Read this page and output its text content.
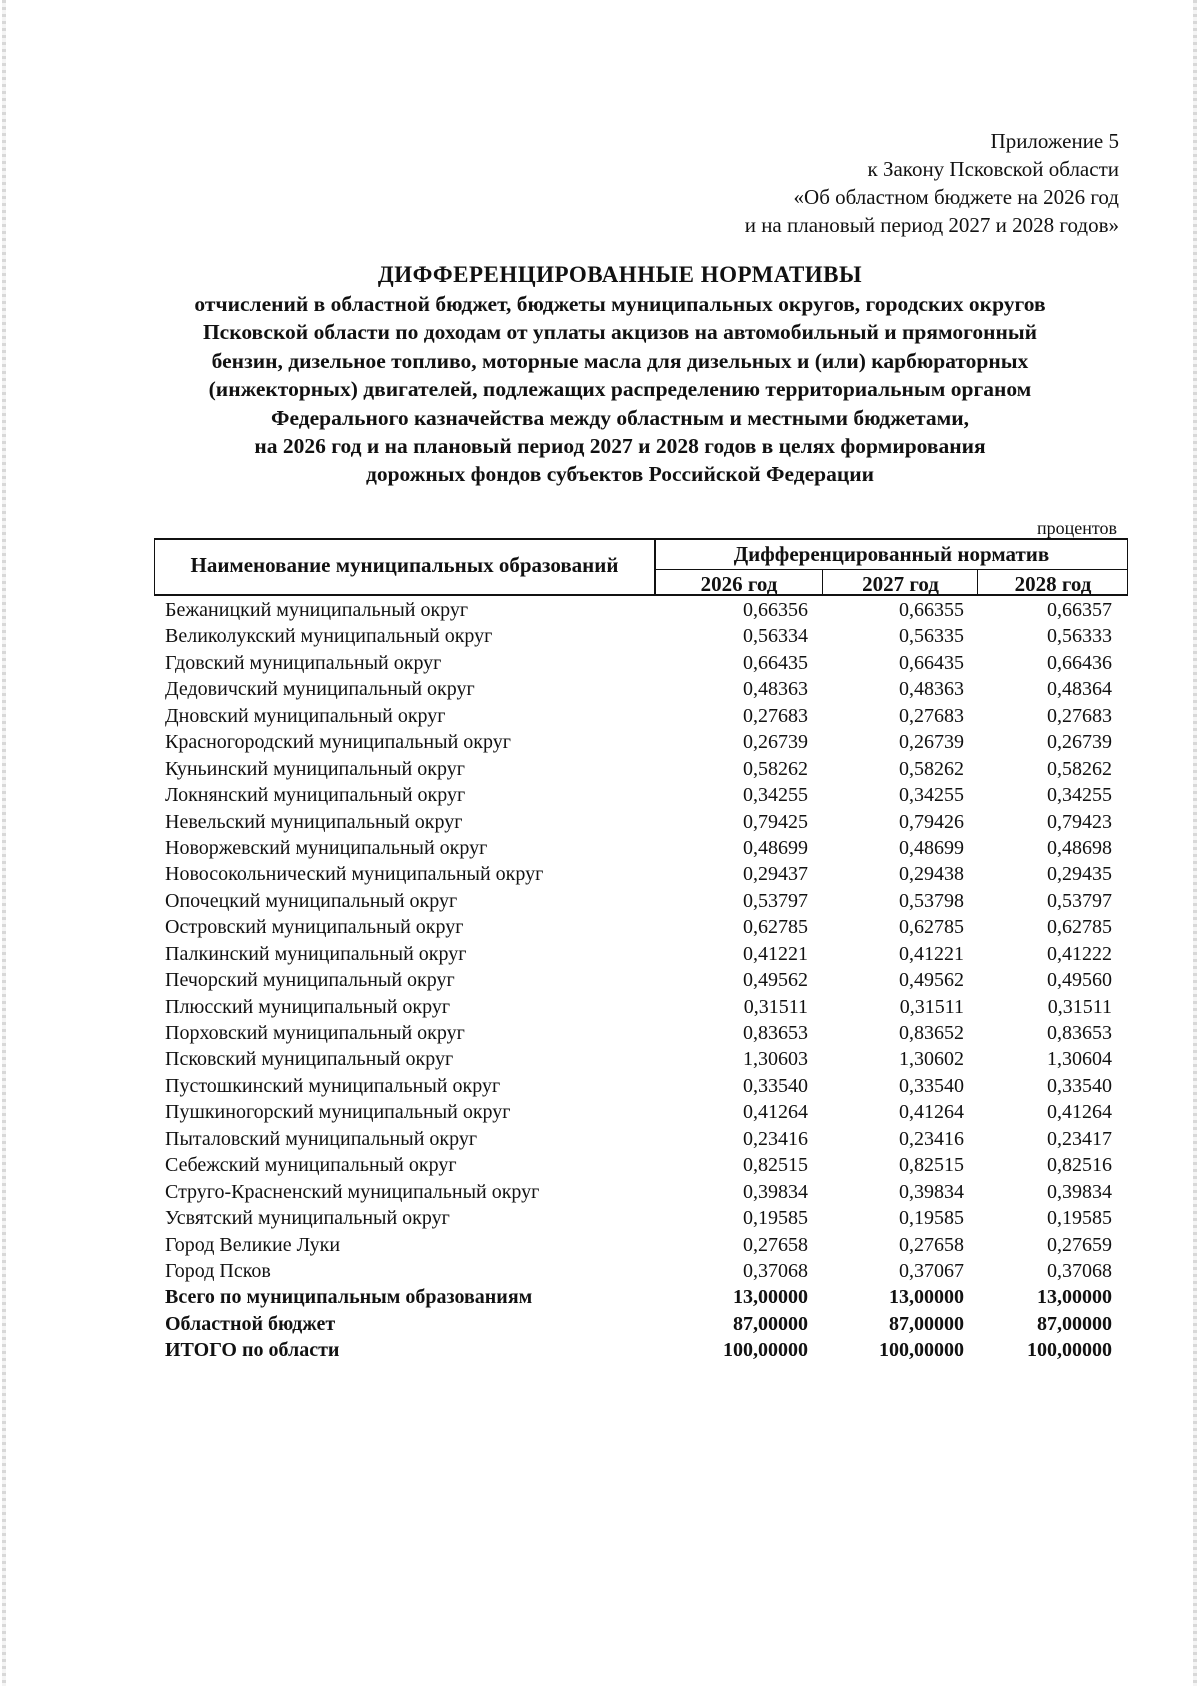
Приложение 5
к Закону Псковской области
«Об областном бюджете на 2026 год
и на плановый период 2027 и 2028 годов»
ДИФФЕРЕНЦИРОВАННЫЕ НОРМАТИВЫ
отчислений в областной бюджет, бюджеты муниципальных округов, городских округов
Псковской области по доходам от уплаты акцизов на автомобильный и прямогонный
бензин, дизельное топливо, моторные масла для дизельных и (или) карбюраторных
(инжекторных) двигателей, подлежащих распределению территориальным органом
Федерального казначейства между областным и местными бюджетами,
на 2026 год и на плановый период 2027 и 2028 годов в целях формирования
дорожных фондов субъектов Российской Федерации
процентов
Наименование муниципальных образований	Дифференцированный норматив
2026 год	2027 год	2028 год
Бежаницкий муниципальный округ	0,66356	0,66355	0,66357
Великолукский муниципальный округ	0,56334	0,56335	0,56333
Гдовский муниципальный округ	0,66435	0,66435	0,66436
Дедовичский муниципальный округ	0,48363	0,48363	0,48364
Дновский муниципальный округ	0,27683	0,27683	0,27683
Красногородский муниципальный округ	0,26739	0,26739	0,26739
Куньинский муниципальный округ	0,58262	0,58262	0,58262
Локнянский муниципальный округ	0,34255	0,34255	0,34255
Невельский муниципальный округ	0,79425	0,79426	0,79423
Новоржевский муниципальный округ	0,48699	0,48699	0,48698
Новосокольнический муниципальный округ	0,29437	0,29438	0,29435
Опочецкий муниципальный округ	0,53797	0,53798	0,53797
Островский муниципальный округ	0,62785	0,62785	0,62785
Палкинский муниципальный округ	0,41221	0,41221	0,41222
Печорский муниципальный округ	0,49562	0,49562	0,49560
Плюсский муниципальный округ	0,31511	0,31511	0,31511
Порховский муниципальный округ	0,83653	0,83652	0,83653
Псковский муниципальный округ	1,30603	1,30602	1,30604
Пустошкинский муниципальный округ	0,33540	0,33540	0,33540
Пушкиногорский муниципальный округ	0,41264	0,41264	0,41264
Пыталовский муниципальный округ	0,23416	0,23416	0,23417
Себежский муниципальный округ	0,82515	0,82515	0,82516
Струго-Красненский муниципальный округ	0,39834	0,39834	0,39834
Усвятский муниципальный округ	0,19585	0,19585	0,19585
Город Великие Луки	0,27658	0,27658	0,27659
Город Псков	0,37068	0,37067	0,37068
Всего по муниципальным образованиям	13,00000	13,00000	13,00000
Областной бюджет	87,00000	87,00000	87,00000
ИТОГО по области	100,00000	100,00000	100,00000
